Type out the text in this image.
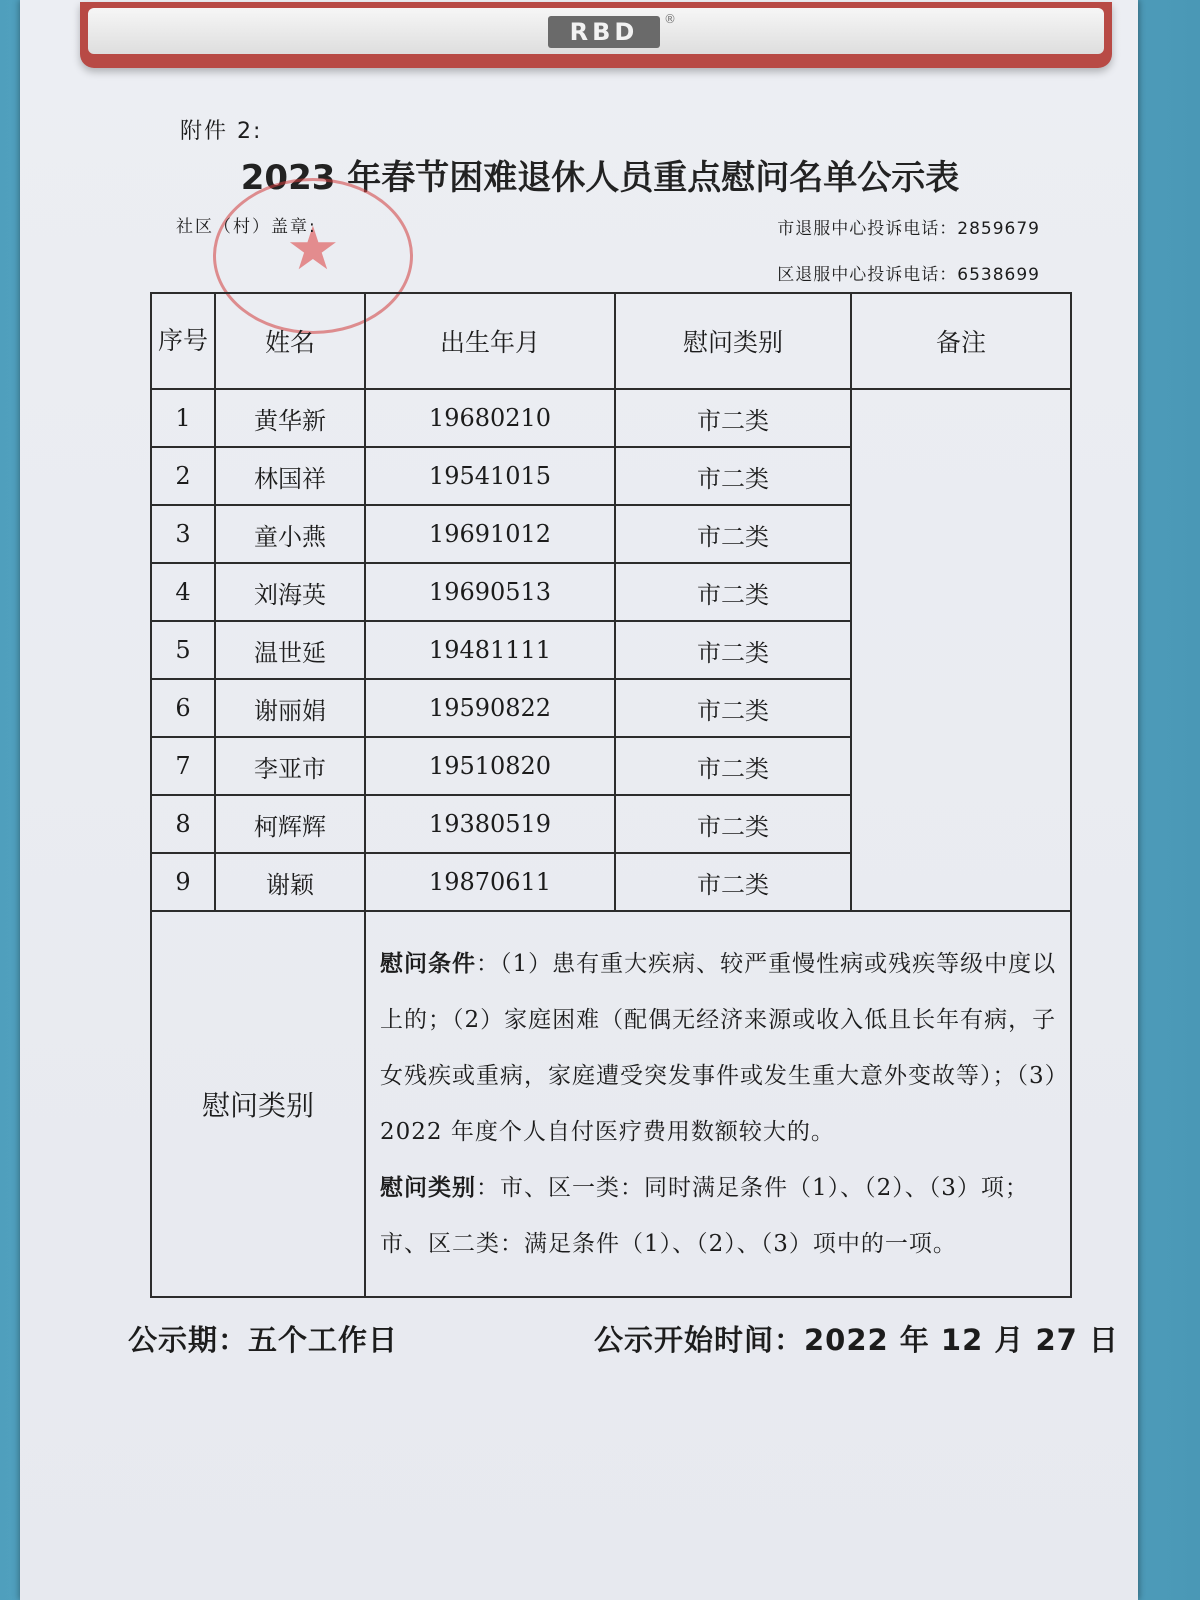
RBD	®
附件 2:
2023 年春节困难退休人员重点慰问名单公示表
★
社区（村）盖章:	市退服中心投诉电话：2859679
区退服中心投诉电话：6538699
序号	姓名	出生年月	慰问类别	备注
1	黄华新	19680210	市二类	
2	林国祥	19541015	市二类	
3	童小燕	19691012	市二类	
4	刘海英	19690513	市二类	
5	温世延	19481111	市二类	
6	谢丽娟	19590822	市二类	
7	李亚市	19510820	市二类	
8	柯辉辉	19380519	市二类	
9	谢颖	19870611	市二类	
慰问类别		慰问条件：（1）患有重大疾病、较严重慢性病或残疾等级中度以上的；（2）家庭困难（配偶无经济来源或收入低且长年有病，子女残疾或重病，家庭遭受突发事件或发生重大意外变故等）；（3）2022 年度个人自付医疗费用数额较大的。
慰问类别：市、区一类：同时满足条件（1）、（2）、（3）项；市、区二类：满足条件（1）、（2）、（3）项中的一项。		
公示期：五个工作日	公示开始时间：2022 年 12 月 27 日
